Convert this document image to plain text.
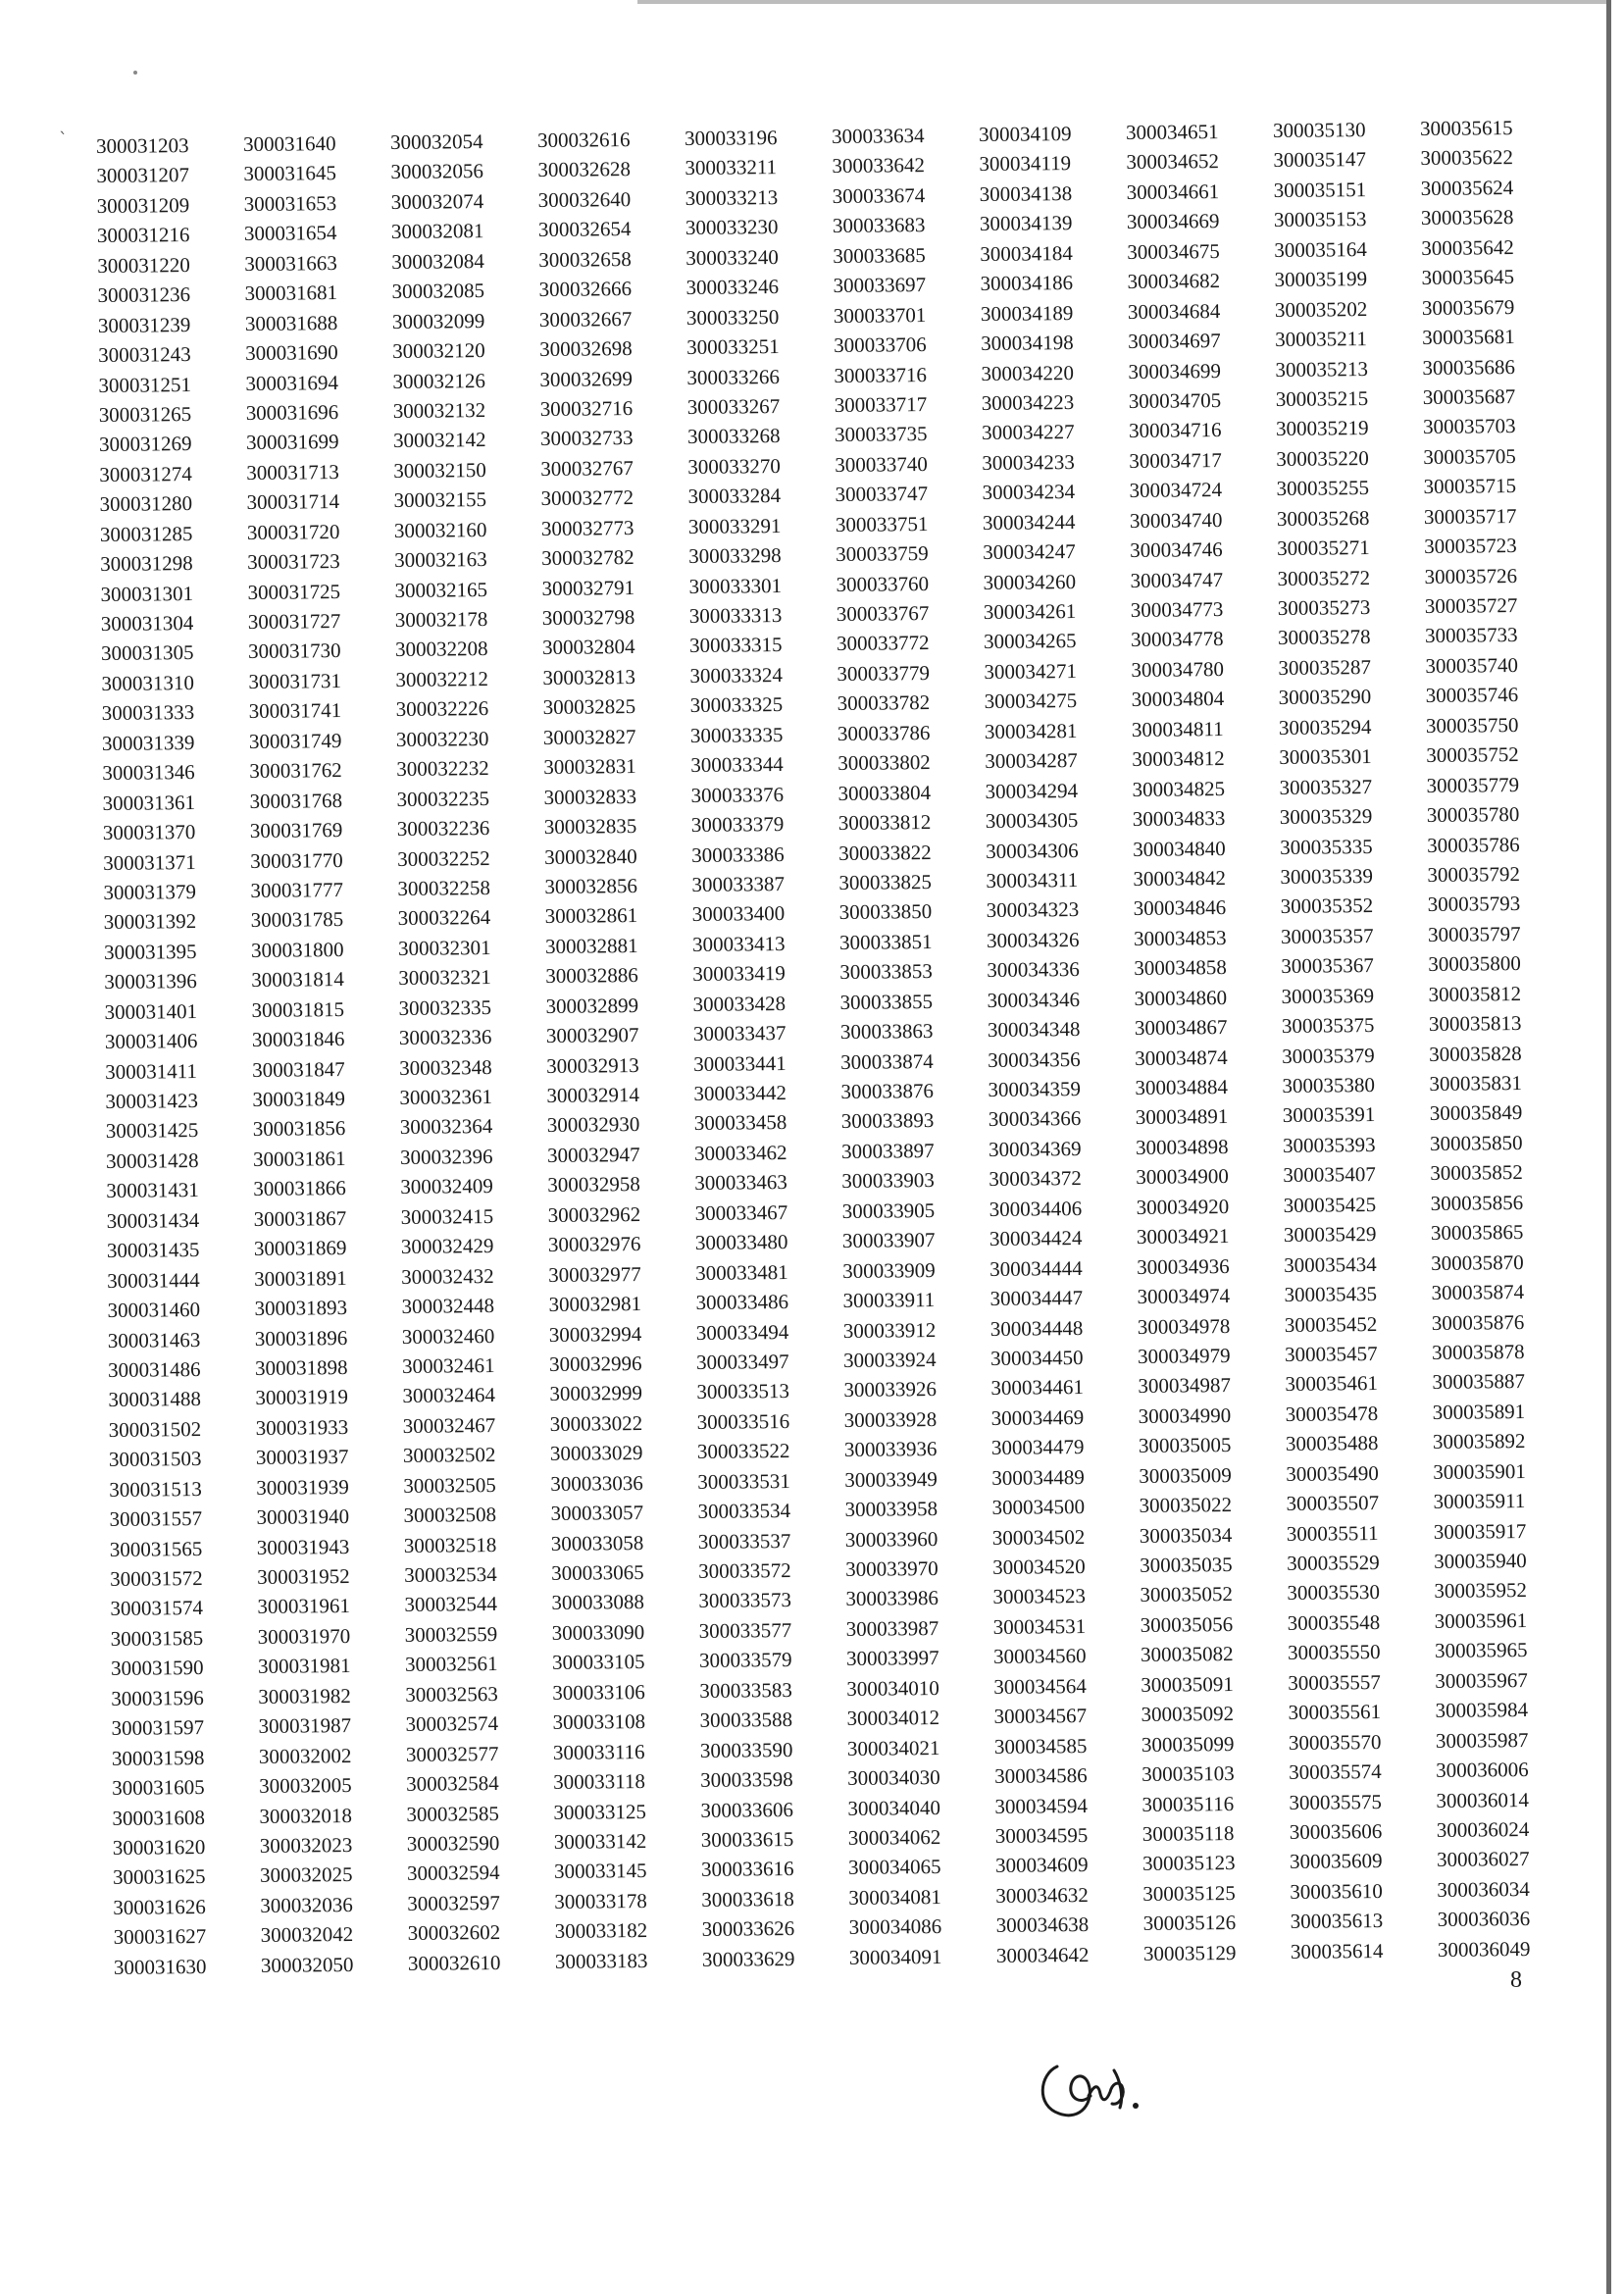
ˋ 300031203
300031207
300031209
300031216
300031220
300031236
300031239
300031243
300031251
300031265
300031269
300031274
300031280
300031285
300031298
300031301
300031304
300031305
300031310
300031333
300031339
300031346
300031361
300031370
300031371
300031379
300031392
300031395
300031396
300031401
300031406
300031411
300031423
300031425
300031428
300031431
300031434
300031435
300031444
300031460
300031463
300031486
300031488
300031502
300031503
300031513
300031557
300031565
300031572
300031574
300031585
300031590
300031596
300031597
300031598
300031605
300031608
300031620
300031625
300031626
300031627
300031630
300031640
300031645
300031653
300031654
300031663
300031681
300031688
300031690
300031694
300031696
300031699
300031713
300031714
300031720
300031723
300031725
300031727
300031730
300031731
300031741
300031749
300031762
300031768
300031769
300031770
300031777
300031785
300031800
300031814
300031815
300031846
300031847
300031849
300031856
300031861
300031866
300031867
300031869
300031891
300031893
300031896
300031898
300031919
300031933
300031937
300031939
300031940
300031943
300031952
300031961
300031970
300031981
300031982
300031987
300032002
300032005
300032018
300032023
300032025
300032036
300032042
300032050
300032054
300032056
300032074
300032081
300032084
300032085
300032099
300032120
300032126
300032132
300032142
300032150
300032155
300032160
300032163
300032165
300032178
300032208
300032212
300032226
300032230
300032232
300032235
300032236
300032252
300032258
300032264
300032301
300032321
300032335
300032336
300032348
300032361
300032364
300032396
300032409
300032415
300032429
300032432
300032448
300032460
300032461
300032464
300032467
300032502
300032505
300032508
300032518
300032534
300032544
300032559
300032561
300032563
300032574
300032577
300032584
300032585
300032590
300032594
300032597
300032602
300032610
300032616
300032628
300032640
300032654
300032658
300032666
300032667
300032698
300032699
300032716
300032733
300032767
300032772
300032773
300032782
300032791
300032798
300032804
300032813
300032825
300032827
300032831
300032833
300032835
300032840
300032856
300032861
300032881
300032886
300032899
300032907
300032913
300032914
300032930
300032947
300032958
300032962
300032976
300032977
300032981
300032994
300032996
300032999
300033022
300033029
300033036
300033057
300033058
300033065
300033088
300033090
300033105
300033106
300033108
300033116
300033118
300033125
300033142
300033145
300033178
300033182
300033183
300033196
300033211
300033213
300033230
300033240
300033246
300033250
300033251
300033266
300033267
300033268
300033270
300033284
300033291
300033298
300033301
300033313
300033315
300033324
300033325
300033335
300033344
300033376
300033379
300033386
300033387
300033400
300033413
300033419
300033428
300033437
300033441
300033442
300033458
300033462
300033463
300033467
300033480
300033481
300033486
300033494
300033497
300033513
300033516
300033522
300033531
300033534
300033537
300033572
300033573
300033577
300033579
300033583
300033588
300033590
300033598
300033606
300033615
300033616
300033618
300033626
300033629
300033634
300033642
300033674
300033683
300033685
300033697
300033701
300033706
300033716
300033717
300033735
300033740
300033747
300033751
300033759
300033760
300033767
300033772
300033779
300033782
300033786
300033802
300033804
300033812
300033822
300033825
300033850
300033851
300033853
300033855
300033863
300033874
300033876
300033893
300033897
300033903
300033905
300033907
300033909
300033911
300033912
300033924
300033926
300033928
300033936
300033949
300033958
300033960
300033970
300033986
300033987
300033997
300034010
300034012
300034021
300034030
300034040
300034062
300034065
300034081
300034086
300034091
300034109
300034119
300034138
300034139
300034184
300034186
300034189
300034198
300034220
300034223
300034227
300034233
300034234
300034244
300034247
300034260
300034261
300034265
300034271
300034275
300034281
300034287
300034294
300034305
300034306
300034311
300034323
300034326
300034336
300034346
300034348
300034356
300034359
300034366
300034369
300034372
300034406
300034424
300034444
300034447
300034448
300034450
300034461
300034469
300034479
300034489
300034500
300034502
300034520
300034523
300034531
300034560
300034564
300034567
300034585
300034586
300034594
300034595
300034609
300034632
300034638
300034642
300034651
300034652
300034661
300034669
300034675
300034682
300034684
300034697
300034699
300034705
300034716
300034717
300034724
300034740
300034746
300034747
300034773
300034778
300034780
300034804
300034811
300034812
300034825
300034833
300034840
300034842
300034846
300034853
300034858
300034860
300034867
300034874
300034884
300034891
300034898
300034900
300034920
300034921
300034936
300034974
300034978
300034979
300034987
300034990
300035005
300035009
300035022
300035034
300035035
300035052
300035056
300035082
300035091
300035092
300035099
300035103
300035116
300035118
300035123
300035125
300035126
300035129
300035130
300035147
300035151
300035153
300035164
300035199
300035202
300035211
300035213
300035215
300035219
300035220
300035255
300035268
300035271
300035272
300035273
300035278
300035287
300035290
300035294
300035301
300035327
300035329
300035335
300035339
300035352
300035357
300035367
300035369
300035375
300035379
300035380
300035391
300035393
300035407
300035425
300035429
300035434
300035435
300035452
300035457
300035461
300035478
300035488
300035490
300035507
300035511
300035529
300035530
300035548
300035550
300035557
300035561
300035570
300035574
300035575
300035606
300035609
300035610
300035613
300035614
300035615
300035622
300035624
300035628
300035642
300035645
300035679
300035681
300035686
300035687
300035703
300035705
300035715
300035717
300035723
300035726
300035727
300035733
300035740
300035746
300035750
300035752
300035779
300035780
300035786
300035792
300035793
300035797
300035800
300035812
300035813
300035828
300035831
300035849
300035850
300035852
300035856
300035865
300035870
300035874
300035876
300035878
300035887
300035891
300035892
300035901
300035911
300035917
300035940
300035952
300035961
300035965
300035967
300035984
300035987
300036006
300036014
300036024
300036027
300036034
300036036
300036049
8
